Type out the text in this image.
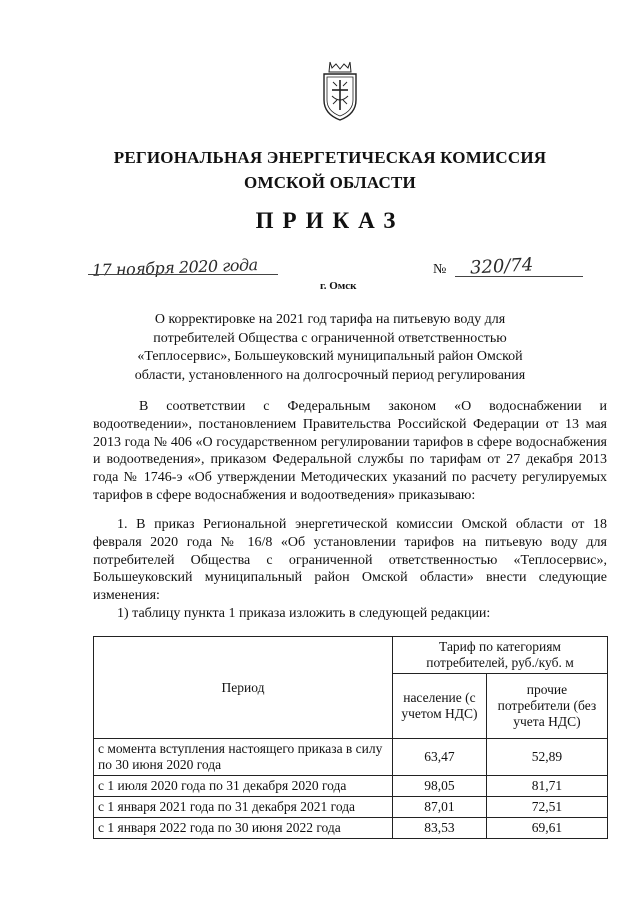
РЕГИОНАЛЬНАЯ ЭНЕРГЕТИЧЕСКАЯ КОМИССИЯ
ОМСКОЙ ОБЛАСТИ
ПРИКАЗ
17 ноября 2020 года
г. Омск
№ 320/74
О корректировке на 2021 год тарифа на питьевую воду для потребителей Общества с ограниченной ответственностью «Теплосервис», Большеуковский муниципальный район Омской области, установленного на долгосрочный период регулирования
В соответствии с Федеральным законом «О водоснабжении и водоотведении», постановлением Правительства Российской Федерации от 13 мая 2013 года № 406 «О государственном регулировании тарифов в сфере водоснабжения и водоотведения», приказом Федеральной службы по тарифам от 27 декабря 2013 года № 1746-э «Об утверждении Методических указаний по расчету регулируемых тарифов в сфере водоснабжения и водоотведения» приказываю:
1. В приказ Региональной энергетической комиссии Омской области от 18 февраля 2020 года № 16/8 «Об установлении тарифов на питьевую воду для потребителей Общества с ограниченной ответственностью «Теплосервис», Большеуковский муниципальный район Омской области» внести следующие изменения:
1) таблицу пункта 1 приказа изложить в следующей редакции:
Период	Тариф по категориям потребителей, руб./куб. м	
	население (с учетом НДС)	прочие потребители (без учета НДС)
с момента вступления настоящего приказа в силу по 30 июня 2020 года	63,47	52,89
с 1 июля 2020 года по 31 декабря 2020 года	98,05	81,71
с 1 января 2021 года по 31 декабря 2021 года	87,01	72,51
с 1 января 2022 года по 30 июня 2022 года	83,53	69,61
